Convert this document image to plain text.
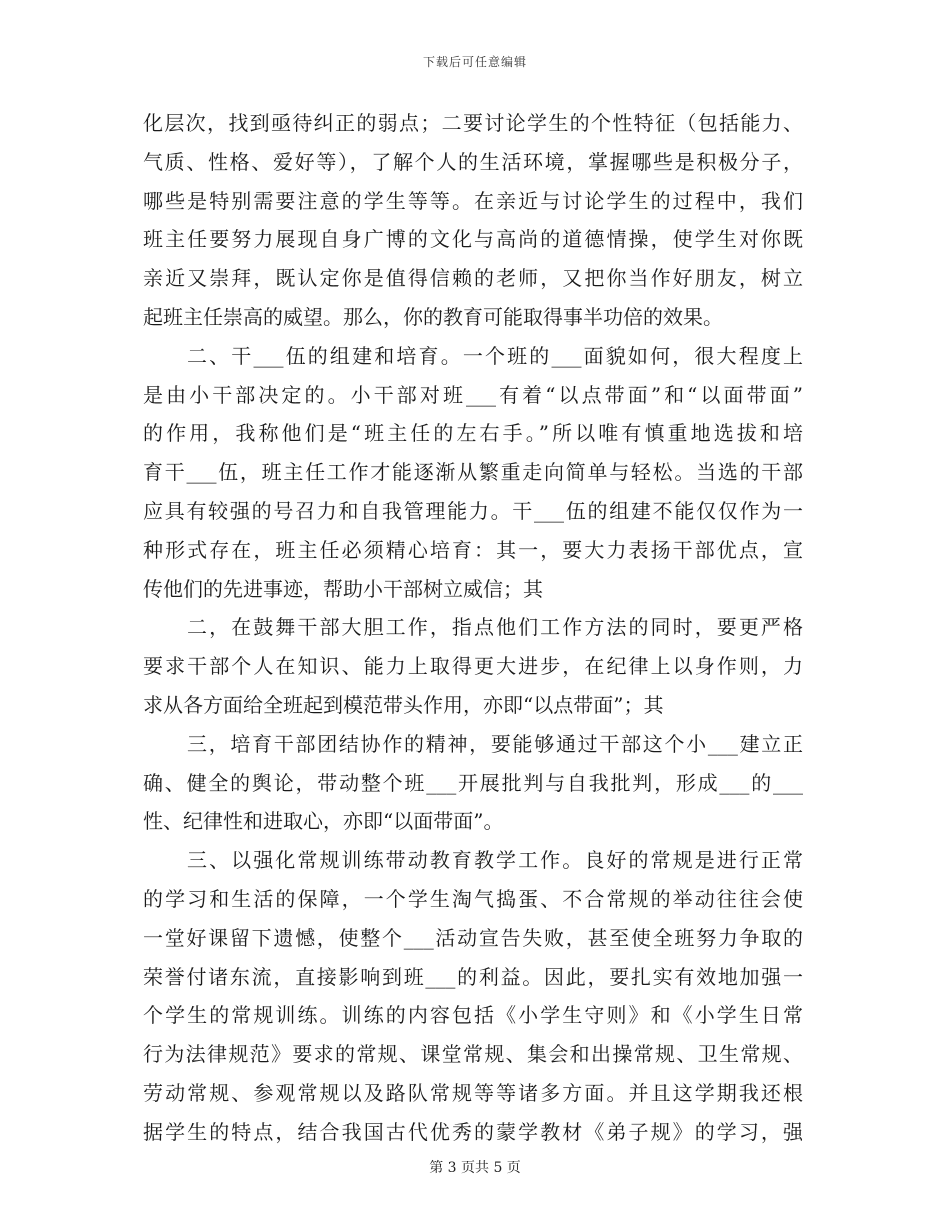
下载后可任意编辑
化层次，找到亟待纠正的弱点；二要讨论学生的个性特征（包括能力、
气质、性格、爱好等），了解个人的生活环境，掌握哪些是积极分子，
哪些是特别需要注意的学生等等。在亲近与讨论学生的过程中，我们
班主任要努力展现自身广博的文化与高尚的道德情操，使学生对你既
亲近又崇拜，既认定你是值得信赖的老师，又把你当作好朋友，树立
起班主任崇高的威望。那么，你的教育可能取得事半功倍的效果。
二、干___伍的组建和培育。一个班的___面貌如何，很大程度上
是由小干部决定的。小干部对班___有着“以点带面”和“以面带面”
的作用，我称他们是“班主任的左右手。”所以唯有慎重地选拔和培
育干___伍，班主任工作才能逐渐从繁重走向简单与轻松。当选的干部
应具有较强的号召力和自我管理能力。干___伍的组建不能仅仅作为一
种形式存在，班主任必须精心培育：其一，要大力表扬干部优点，宣
传他们的先进事迹，帮助小干部树立威信；其
二，在鼓舞干部大胆工作，指点他们工作方法的同时，要更严格
要求干部个人在知识、能力上取得更大进步，在纪律上以身作则，力
求从各方面给全班起到模范带头作用，亦即“以点带面”；其
三，培育干部团结协作的精神，要能够通过干部这个小___建立正
确、健全的舆论，带动整个班___开展批判与自我批判，形成___的___
性、纪律性和进取心，亦即“以面带面”。
三、以强化常规训练带动教育教学工作。良好的常规是进行正常
的学习和生活的保障，一个学生淘气捣蛋、不合常规的举动往往会使
一堂好课留下遗憾，使整个___活动宣告失败，甚至使全班努力争取的
荣誉付诸东流，直接影响到班___的利益。因此，要扎实有效地加强一
个学生的常规训练。训练的内容包括《小学生守则》和《小学生日常
行为法律规范》要求的常规、课堂常规、集会和出操常规、卫生常规、
劳动常规、参观常规以及路队常规等等诸多方面。并且这学期我还根
据学生的特点，结合我国古代优秀的蒙学教材《弟子规》的学习，强
第 3 页共 5 页
